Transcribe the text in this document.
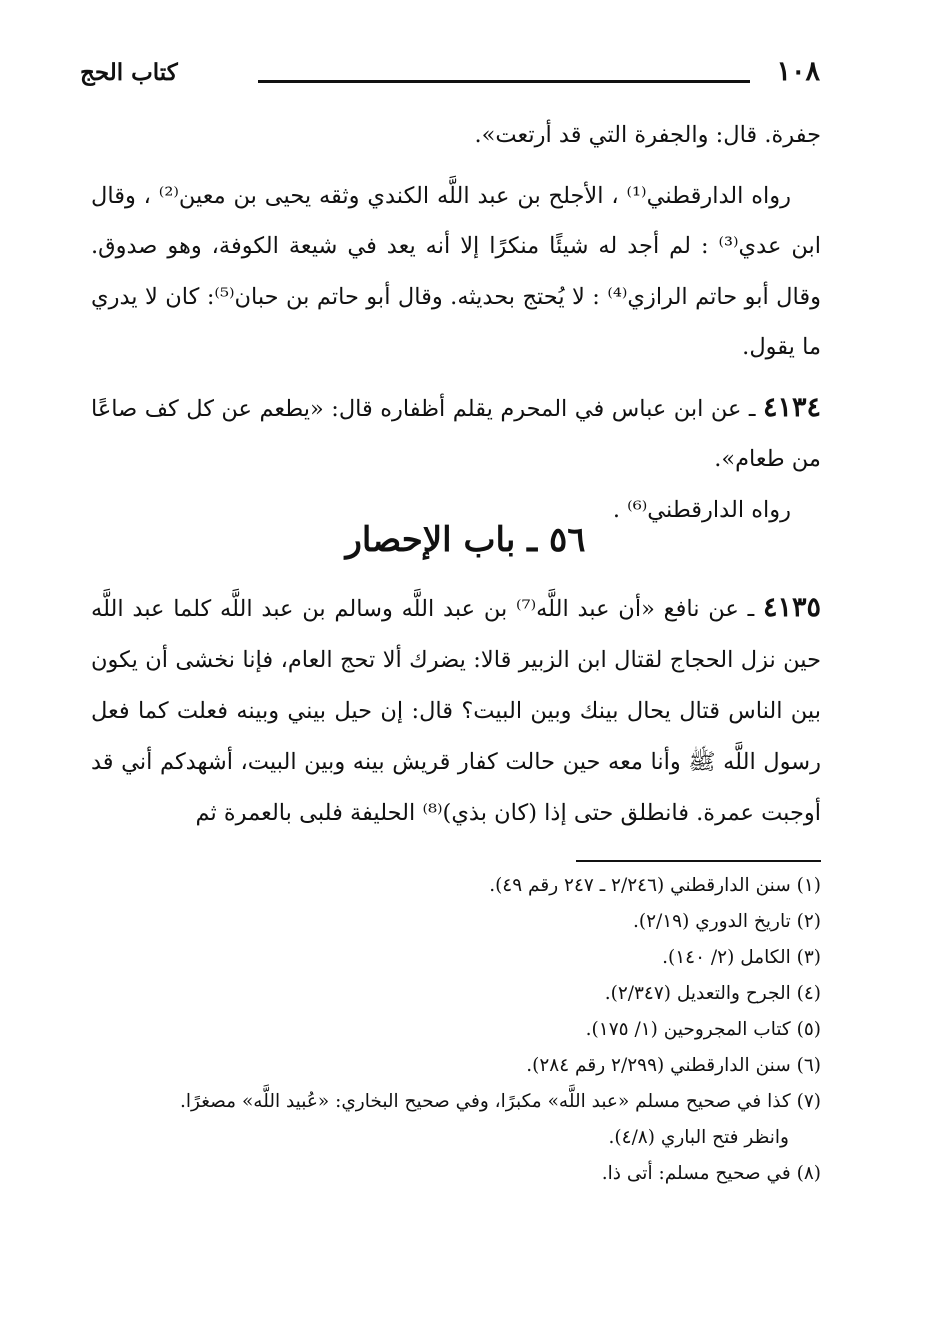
١٠٨
كتاب الحج

جفرة. قال: والجفرة التي قد أرتعت».

رواه الدارقطني⁽¹⁾ ، الأجلح بن عبد اللَّه الكندي وثقه يحيى بن معين⁽²⁾ ، وقال ابن عدي⁽³⁾ : لم أجد له شيئًا منكرًا إلا أنه يعد في شيعة الكوفة، وهو صدوق. وقال أبو حاتم الرازي⁽⁴⁾ : لا يُحتج بحديثه. وقال أبو حاتم بن حبان⁽⁵⁾: كان لا يدري ما يقول.

٤١٣٤ ـ عن ابن عباس في المحرم يقلم أظفاره قال: «يطعم عن كل كف صاعًا من طعام».

رواه الدارقطني⁽⁶⁾ .

٥٦ ـ باب الإحصار

٤١٣٥ ـ عن نافع «أن عبد اللَّه⁽⁷⁾ بن عبد اللَّه وسالم بن عبد اللَّه كلما عبد اللَّه حين نزل الحجاج لقتال ابن الزبير قالا: يضرك ألا تحج العام، فإنا نخشى أن يكون بين الناس قتال يحال بينك وبين البيت؟ قال: إن حيل بيني وبينه فعلت كما فعل رسول اللَّه ﷺ وأنا معه حين حالت كفار قريش بينه وبين البيت، أشهدكم أني قد أوجبت عمرة. فانطلق حتى إذا (كان بذي)⁽⁸⁾ الحليفة فلبى بالعمرة ثم

(١) سنن الدارقطني (٢/٢٤٦ ـ ٢٤٧ رقم ٤٩).

(٢) تاريخ الدوري (٢/١٩).

(٣) الكامل (٢/ ١٤٠).

(٤) الجرح والتعديل (٢/٣٤٧).

(٥) كتاب المجروحين (١/ ١٧٥).

(٦) سنن الدارقطني (٢/٢٩٩ رقم ٢٨٤).

(٧) كذا في صحيح مسلم «عبد اللَّه» مكبرًا، وفي صحيح البخاري: «عُبيد اللَّه» مصغرًا.

وانظر فتح الباري (٤/٨).

(٨) في صحيح مسلم: أتى ذا.
